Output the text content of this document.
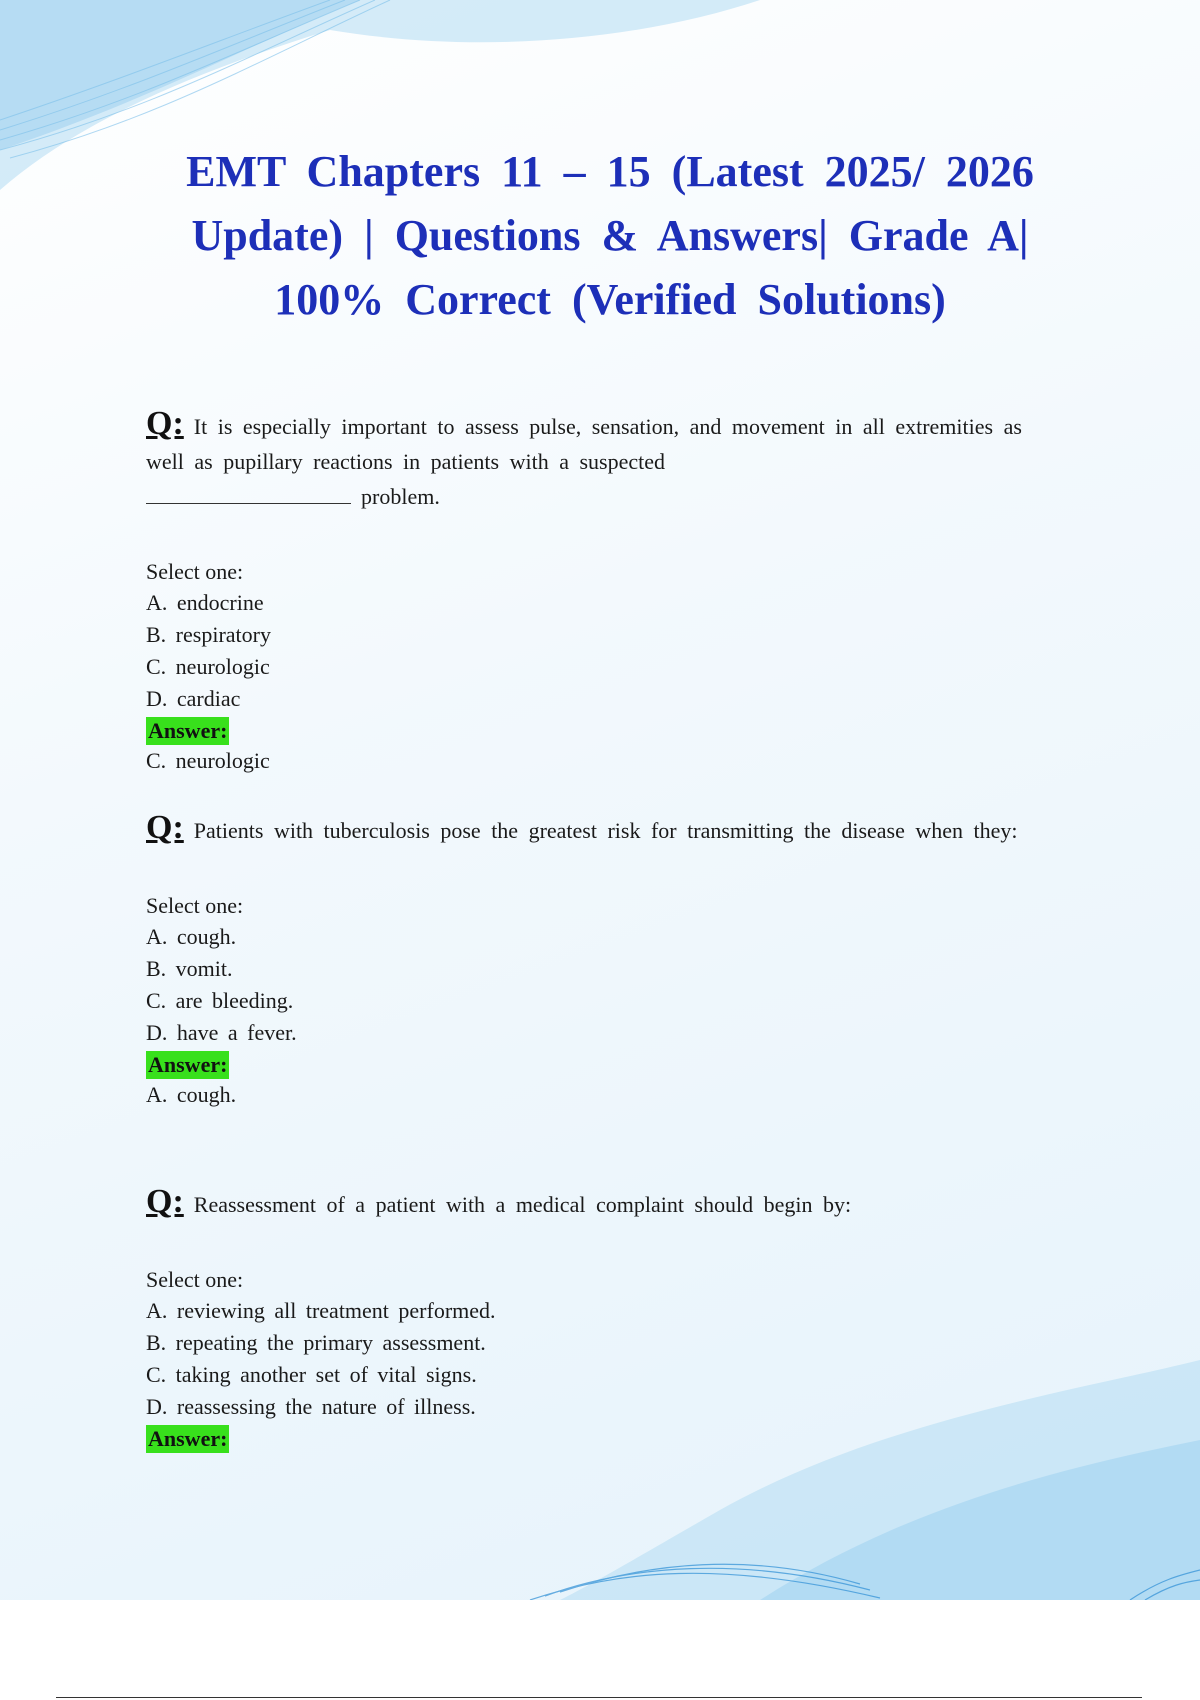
EMT Chapters 11 – 15 (Latest 2025/ 2026 Update) | Questions & Answers| Grade A| 100% Correct (Verified Solutions)
Q: It is especially important to assess pulse, sensation, and movement in all extremities as well as pupillary reactions in patients with a suspected
problem.
Select one:
A. endocrine
B. respiratory
C. neurologic
D. cardiac
Answer:
C. neurologic
Q: Patients with tuberculosis pose the greatest risk for transmitting the disease when they:
Select one:
A. cough.
B. vomit.
C. are bleeding.
D. have a fever.
Answer:
A. cough.
Q: Reassessment of a patient with a medical complaint should begin by:
Select one:
A. reviewing all treatment performed.
B. repeating the primary assessment.
C. taking another set of vital signs.
D. reassessing the nature of illness.
Answer:
